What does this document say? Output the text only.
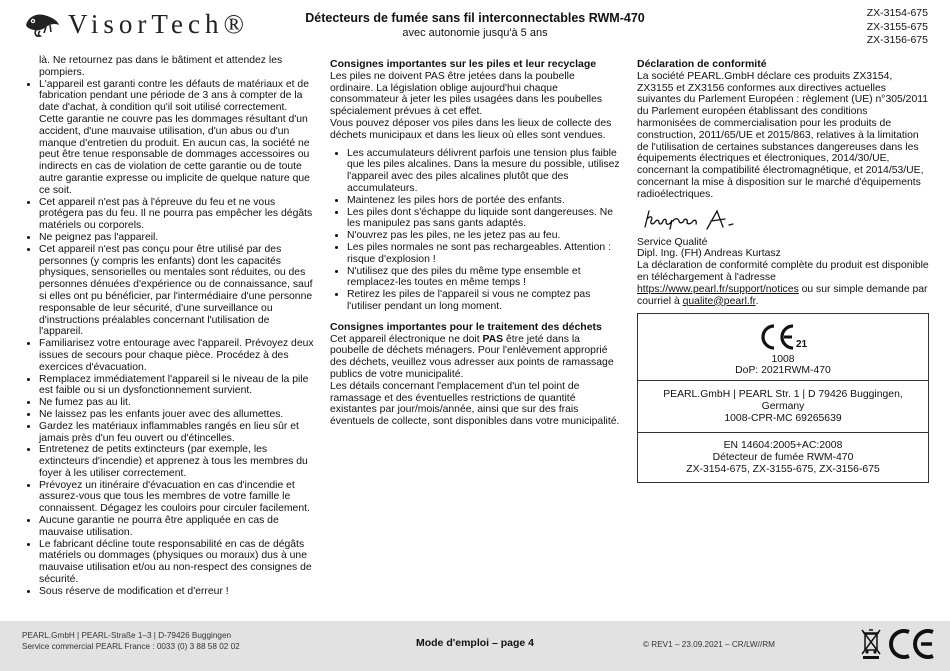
VisorTech®	Détecteurs de fumée sans fil interconnectables RWM-470
avec autonomie jusqu'à 5 ans
ZX-3154-675
ZX-3155-675
ZX-3156-675

là. Ne retournez pas dans le bâtiment et attendez les pompiers.

• L'appareil est garanti contre les défauts de matériaux et de fabrication pendant une période de 3 ans à compter de la date d'achat, à condition qu'il soit utilisé correctement. Cette garantie ne couvre pas les dommages résultant d'un accident, d'une mauvaise utilisation, d'un abus ou d'un manque d'entretien du produit. En aucun cas, la société ne peut être tenue responsable de dommages accessoires ou indirects en cas de violation de cette garantie ou de toute autre garantie expresse ou implicite de quelque nature que ce soit.
• Cet appareil n'est pas à l'épreuve du feu et ne vous protégera pas du feu. Il ne pourra pas empêcher les dégâts matériels ou corporels.
• Ne peignez pas l'appareil.
• Cet appareil n'est pas conçu pour être utilisé par des personnes (y compris les enfants) dont les capacités physiques, sensorielles ou mentales sont réduites, ou des personnes dénuées d'expérience ou de connaissance, sauf si elles ont pu bénéficier, par l'intermédiaire d'une personne responsable de leur sécurité, d'une surveillance ou d'instructions préalables concernant l'utilisation de l'appareil.
• Familiarisez votre entourage avec l'appareil. Prévoyez deux issues de secours pour chaque pièce. Procédez à des exercices d'évacuation.
• Remplacez immédiatement l'appareil si le niveau de la pile est faible ou si un dysfonctionnement survient.
• Ne fumez pas au lit.
• Ne laissez pas les enfants jouer avec des allumettes.
• Gardez les matériaux inflammables rangés en lieu sûr et jamais près d'un feu ouvert ou d'étincelles.
• Entretenez de petits extincteurs (par exemple, les extincteurs d'incendie) et apprenez à tous les membres du foyer à les utiliser correctement.
• Prévoyez un itinéraire d'évacuation en cas d'incendie et assurez-vous que tous les membres de votre famille le connaissent. Dégagez les couloirs pour circuler facilement.
• Aucune garantie ne pourra être appliquée en cas de mauvaise utilisation.
• Le fabricant décline toute responsabilité en cas de dégâts matériels ou dommages (physiques ou moraux) dus à une mauvaise utilisation et/ou au non-respect des consignes de sécurité.
• Sous réserve de modification et d'erreur !

Consignes importantes sur les piles et leur recyclage

Les piles ne doivent PAS être jetées dans la poubelle ordinaire. La législation oblige aujourd'hui chaque consommateur à jeter les piles usagées dans les poubelles spécialement prévues à cet effet.

Vous pouvez déposer vos piles dans les lieux de collecte des déchets municipaux et dans les lieux où elles sont vendues.

• Les accumulateurs délivrent parfois une tension plus faible que les piles alcalines. Dans la mesure du possible, utilisez l'appareil avec des piles alcalines plutôt que des accumulateurs.
• Maintenez les piles hors de portée des enfants.
• Les piles dont s'échappe du liquide sont dangereuses. Ne les manipulez pas sans gants adaptés.
• N'ouvrez pas les piles, ne les jetez pas au feu.
• Les piles normales ne sont pas rechargeables. Attention : risque d'explosion !
• N'utilisez que des piles du même type ensemble et remplacez-les toutes en même temps !
• Retirez les piles de l'appareil si vous ne comptez pas l'utiliser pendant un long moment.

Consignes importantes pour le traitement des déchets

Cet appareil électronique ne doit PAS être jeté dans la poubelle de déchets ménagers. Pour l'enlèvement approprié des déchets, veuillez vous adresser aux points de ramassage publics de votre municipalité.

Les détails concernant l'emplacement d'un tel point de ramassage et des éventuelles restrictions de quantité existantes par jour/mois/année, ainsi que sur des frais éventuels de collecte, sont disponibles dans votre municipalité.

Déclaration de conformité

La société PEARL.GmbH déclare ces produits ZX3154, ZX3155 et ZX3156 conformes aux directives actuelles suivantes du Parlement Européen : règlement (UE) n°305/2011 du Parlement européen établissant des conditions harmonisées de commercialisation pour les produits de construction, 2011/65/UE et 2015/863, relatives à la limitation de l'utilisation de certaines substances dangereuses dans les équipements électriques et électroniques, 2014/30/UE, concernant la compatibilité électromagnétique, et 2014/53/UE, concernant la mise à disposition sur le marché d'équipements radioélectriques.

Service Qualité

Dipl. Ing. (FH) Andreas Kurtasz

La déclaration de conformité complète du produit est disponible en téléchargement à l'adresse https://www.pearl.fr/support/notices ou sur simple demande par courriel à qualite@pearl.fr.

21
1008
DoP: 2021RWM-470
PEARL.GmbH | PEARL Str. 1 | D 79426 Buggingen, Germany
1008-CPR-MC 69265639
EN 14604:2005+AC:2008
Détecteur de fumée RWM-470
ZX-3154-675, ZX-3155-675, ZX-3156-675
PEARL.GmbH | PEARL-Straße 1–3 | D-79426 Buggingen
Service commercial PEARL France : 0033 (0) 3 88 58 02 02	Mode d'emploi – page 4	© REV1 – 23.09.2021 – CR/LW//RM
